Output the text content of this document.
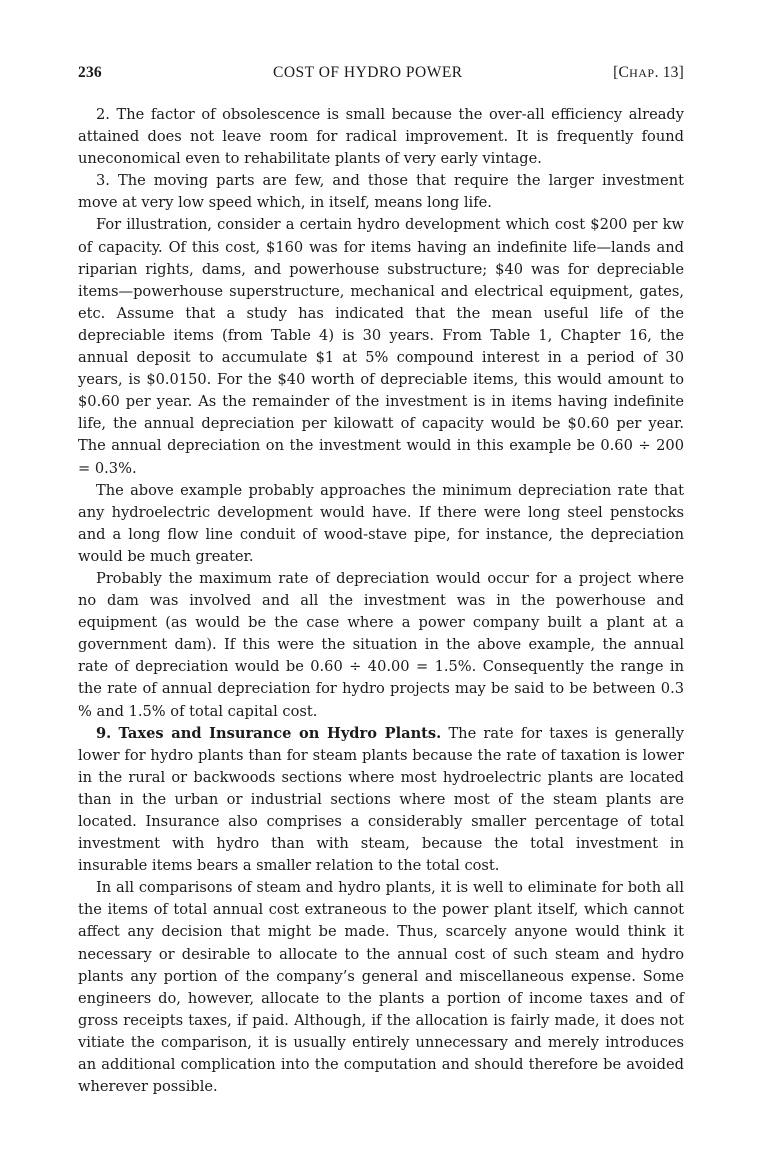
236	COST OF HYDRO POWER	[CHAP. 13]

2. The factor of obsolescence is small because the over-all efficiency already attained does not leave room for radical improvement. It is frequently found uneconomical even to rehabilitate plants of very early vintage.

3. The moving parts are few, and those that require the larger investment move at very low speed which, in itself, means long life.

For illustration, consider a certain hydro development which cost $200 per kw of capacity. Of this cost, $160 was for items having an indefinite life—lands and riparian rights, dams, and powerhouse substructure; $40 was for depreciable items—powerhouse superstructure, mechanical and electrical equipment, gates, etc. Assume that a study has indicated that the mean useful life of the depreciable items (from Table 4) is 30 years. From Table 1, Chapter 16, the annual deposit to accumulate $1 at 5% compound interest in a period of 30 years, is $0.0150. For the $40 worth of depreciable items, this would amount to $0.60 per year. As the remainder of the investment is in items having indefinite life, the annual depreciation per kilowatt of capacity would be $0.60 per year. The annual depreciation on the investment would in this example be 0.60 ÷ 200 = 0.3%.

The above example probably approaches the minimum depreciation rate that any hydroelectric development would have. If there were long steel penstocks and a long flow line conduit of wood-stave pipe, for instance, the depreciation would be much greater.

Probably the maximum rate of depreciation would occur for a project where no dam was involved and all the investment was in the powerhouse and equipment (as would be the case where a power company built a plant at a government dam). If this were the situation in the above example, the annual rate of depreciation would be 0.60 ÷ 40.00 = 1.5%. Consequently the range in the rate of annual depreciation for hydro projects may be said to be between 0.3 % and 1.5% of total capital cost.

9. Taxes and Insurance on Hydro Plants. The rate for taxes is generally lower for hydro plants than for steam plants because the rate of taxation is lower in the rural or backwoods sections where most hydroelectric plants are located than in the urban or industrial sections where most of the steam plants are located. Insurance also comprises a considerably smaller percentage of total investment with hydro than with steam, because the total investment in insurable items bears a smaller relation to the total cost.

In all comparisons of steam and hydro plants, it is well to eliminate for both all the items of total annual cost extraneous to the power plant itself, which cannot affect any decision that might be made. Thus, scarcely anyone would think it necessary or desirable to allocate to the annual cost of such steam and hydro plants any portion of the company’s general and miscellaneous expense. Some engineers do, however, allocate to the plants a portion of income taxes and of gross receipts taxes, if paid. Although, if the allocation is fairly made, it does not vitiate the comparison, it is usually entirely unnecessary and merely introduces an additional complication into the computation and should therefore be avoided wherever possible.
